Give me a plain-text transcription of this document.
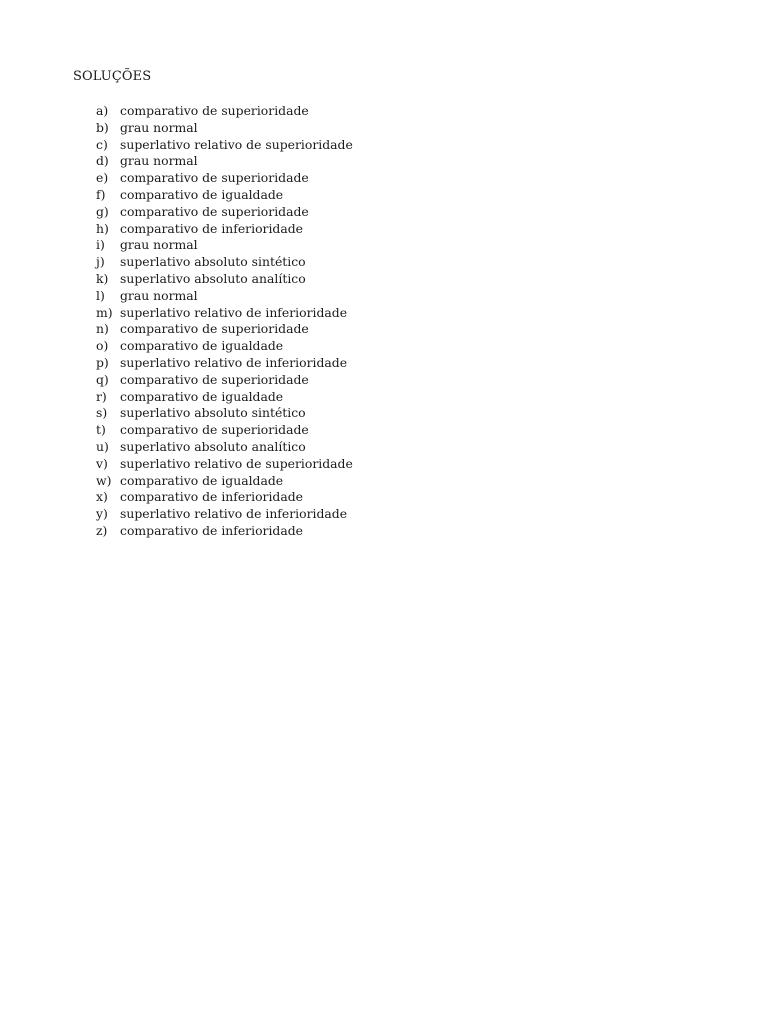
SOLUÇÕES
a) comparativo de superioridade
b) grau normal
c) superlativo relativo de superioridade
d) grau normal
e) comparativo de superioridade
f)	comparativo de igualdade
g) comparativo de superioridade
h) comparativo de inferioridade
i)	grau normal
j)	superlativo absoluto sintético
k) superlativo absoluto analítico
l)	grau normal
m) superlativo relativo de inferioridade
n) comparativo de superioridade
o) comparativo de igualdade
p) superlativo relativo de inferioridade
q) comparativo de superioridade
r)	comparativo de igualdade
s)	superlativo absoluto sintético
t)	comparativo de superioridade
u) superlativo absoluto analítico
v) superlativo relativo de superioridade
w) comparativo de igualdade
x) comparativo de inferioridade
y) superlativo relativo de inferioridade
z)	comparativo de inferioridade
